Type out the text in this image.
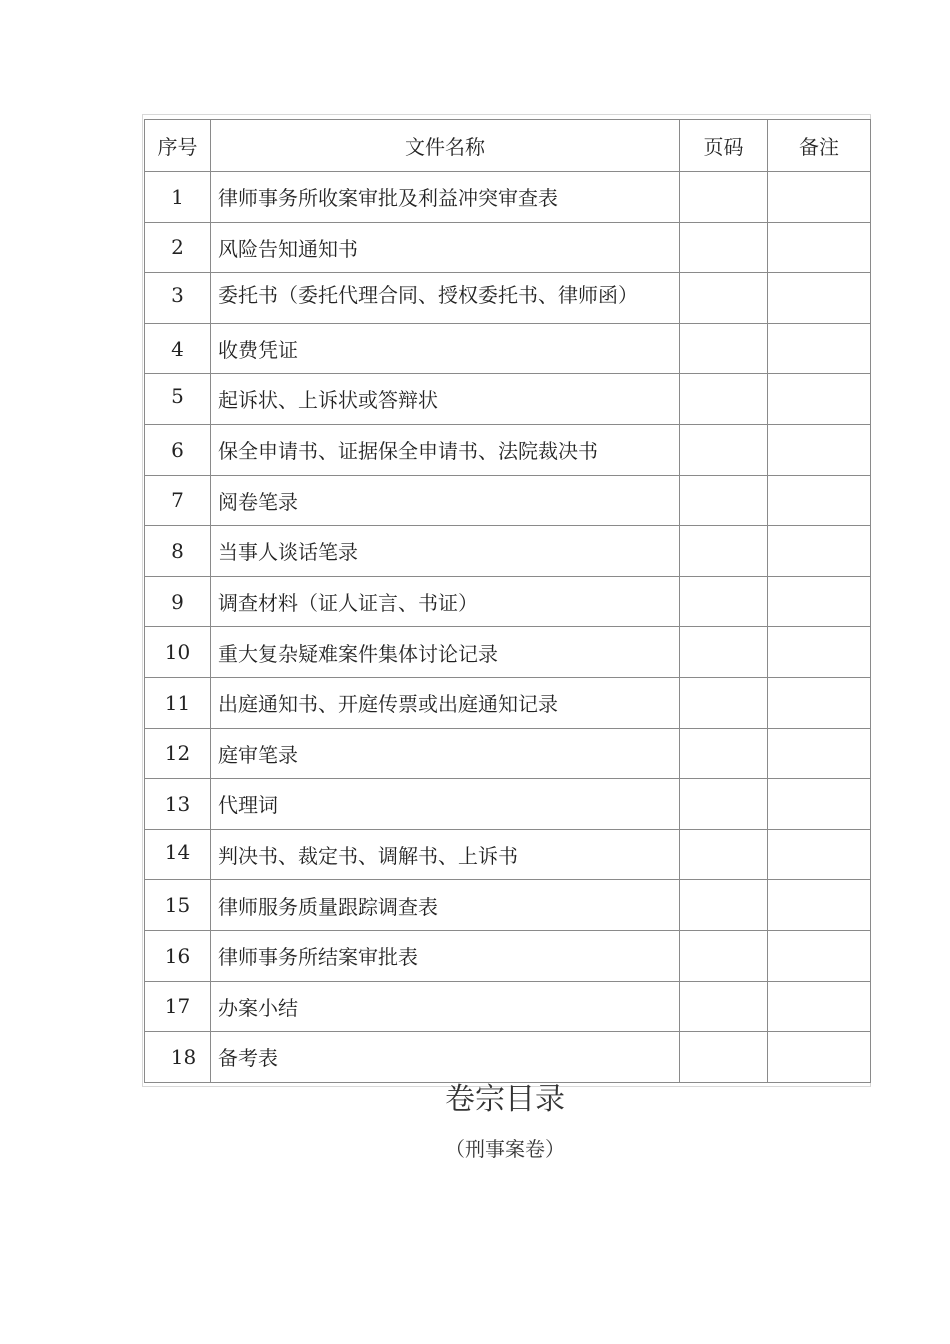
序号	文件名称	页码	备注
1	律师事务所收案审批及利益冲突审查表		
2	风险告知通知书		
3	委托书（委托代理合同、授权委托书、律师函）		

4	收费凭证		
5	起诉状、上诉状或答辩状		
6	保全申请书、证据保全申请书、法院裁决书		
7	阅卷笔录		
8	当事人谈话笔录		
9	调查材料（证人证言、书证）		
10	重大复杂疑难案件集体讨论记录		
11	出庭通知书、开庭传票或出庭通知记录		
12	庭审笔录		
13	代理词		
14	判决书、裁定书、调解书、上诉书		
15	律师服务质量跟踪调查表		
16	律师事务所结案审批表		
17	办案小结		
18	备考表		
卷宗目录
（刑事案卷）
